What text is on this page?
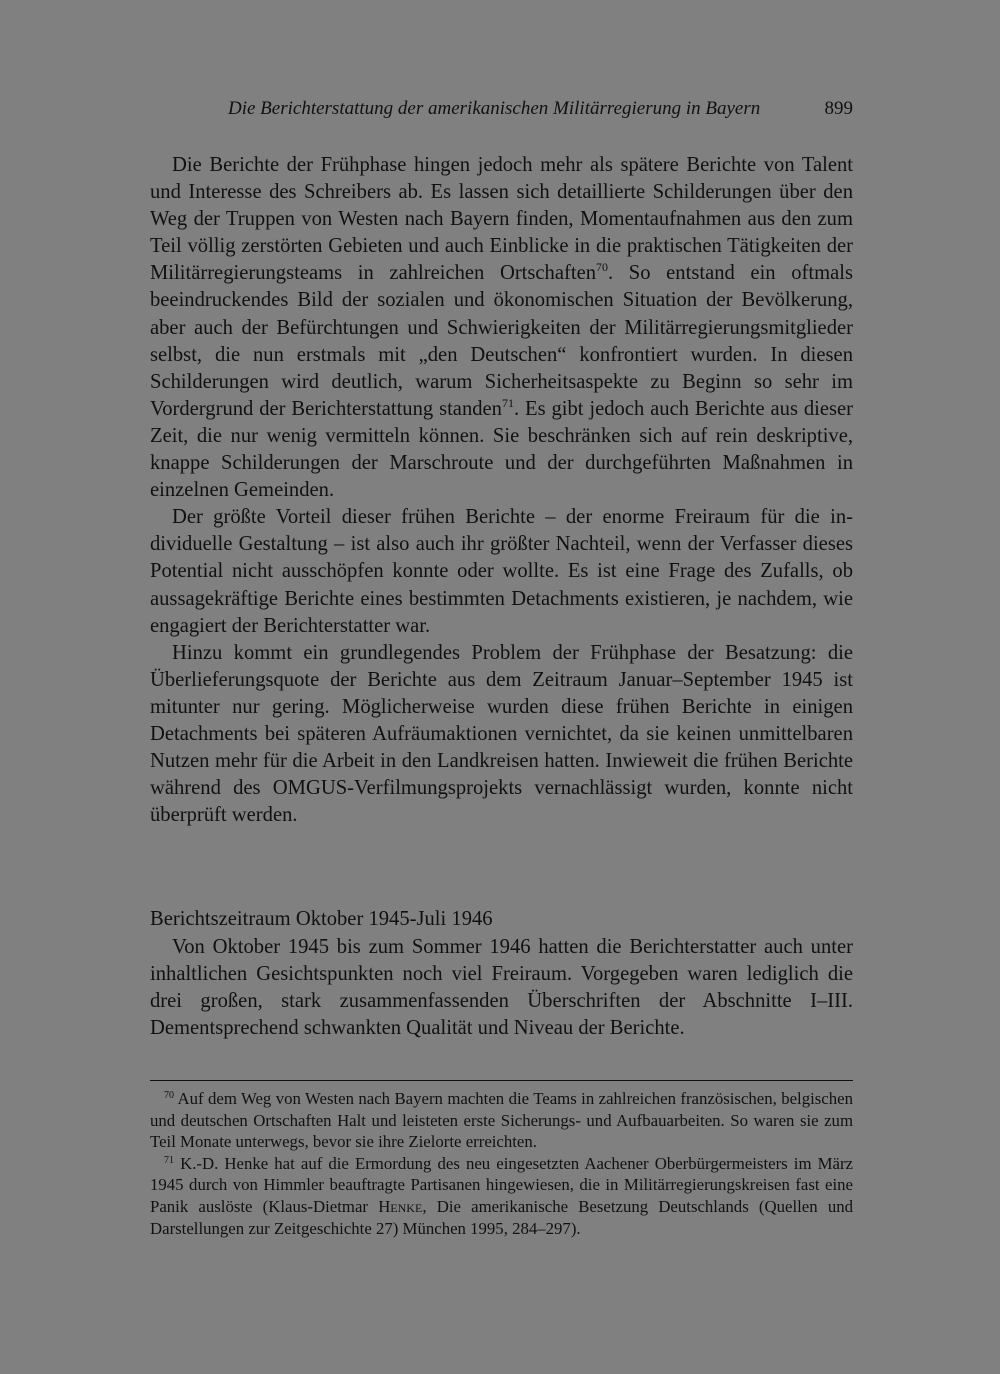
Die Berichterstattung der amerikanischen Militärregierung in Bayern	899

Die Berichte der Frühphase hingen jedoch mehr als spätere Berichte von Talent und Interesse des Schreibers ab. Es lassen sich detaillierte Schilderungen über den Weg der Truppen von Westen nach Bayern finden, Momentaufnahmen aus den zum Teil völlig zerstörten Gebieten und auch Einblicke in die praktischen Tätigkeiten der Militärregierungsteams in zahlreichen Ortschaften$^{70}$. So entstand ein oftmals beeindruckendes Bild der sozialen und ökonomischen Situation der Bevölkerung, aber auch der Befürchtungen und Schwierigkeiten der Militärregierungsmitglieder selbst, die nun erstmals mit „den Deutschen“ konfrontiert wurden. In diesen Schilderungen wird deutlich, warum Sicherheitsaspekte zu Beginn so sehr im Vordergrund der Berichterstattung standen$^{71}$. Es gibt jedoch auch Berichte aus dieser Zeit, die nur wenig vermitteln können. Sie beschränken sich auf rein deskriptive, knappe Schilderungen der Marschroute und der durchgeführten Maßnahmen in einzelnen Gemeinden.

Der größte Vorteil dieser frühen Berichte – der enorme Freiraum für die individuelle Gestaltung – ist also auch ihr größter Nachteil, wenn der Verfasser dieses Potential nicht ausschöpfen konnte oder wollte. Es ist eine Frage des Zufalls, ob aussagekräftige Berichte eines bestimmten Detachments existieren, je nachdem, wie engagiert der Berichterstatter war.

Hinzu kommt ein grundlegendes Problem der Frühphase der Besatzung: die Überlieferungsquote der Berichte aus dem Zeitraum Januar–September 1945 ist mitunter nur gering. Möglicherweise wurden diese frühen Berichte in einigen Detachments bei späteren Aufräumaktionen vernichtet, da sie keinen unmittelbaren Nutzen mehr für die Arbeit in den Landkreisen hatten. Inwieweit die frühen Berichte während des OMGUS-Verfilmungsprojekts vernachlässigt wurden, konnte nicht überprüft werden.

Berichtszeitraum Oktober 1945-Juli 1946

Von Oktober 1945 bis zum Sommer 1946 hatten die Berichterstatter auch unter inhaltlichen Gesichtspunkten noch viel Freiraum. Vorgegeben waren lediglich die drei großen, stark zusammenfassenden Überschriften der Abschnitte I–III. Dementsprechend schwankten Qualität und Niveau der Berichte.

$^{70}$ Auf dem Weg von Westen nach Bayern machten die Teams in zahlreichen französischen, belgischen und deutschen Ortschaften Halt und leisteten erste Sicherungs- und Aufbauarbeiten. So waren sie zum Teil Monate unterwegs, bevor sie ihre Zielorte erreichten.

$^{71}$ K.-D. Henke hat auf die Ermordung des neu eingesetzten Aachener Oberbürgermeisters im März 1945 durch von Himmler beauftragte Partisanen hingewiesen, die in Militärregierungskreisen fast eine Panik auslöste (Klaus-Dietmar Henke, Die amerikanische Besetzung Deutschlands (Quellen und Darstellungen zur Zeitgeschichte 27) München 1995, 284–297).
